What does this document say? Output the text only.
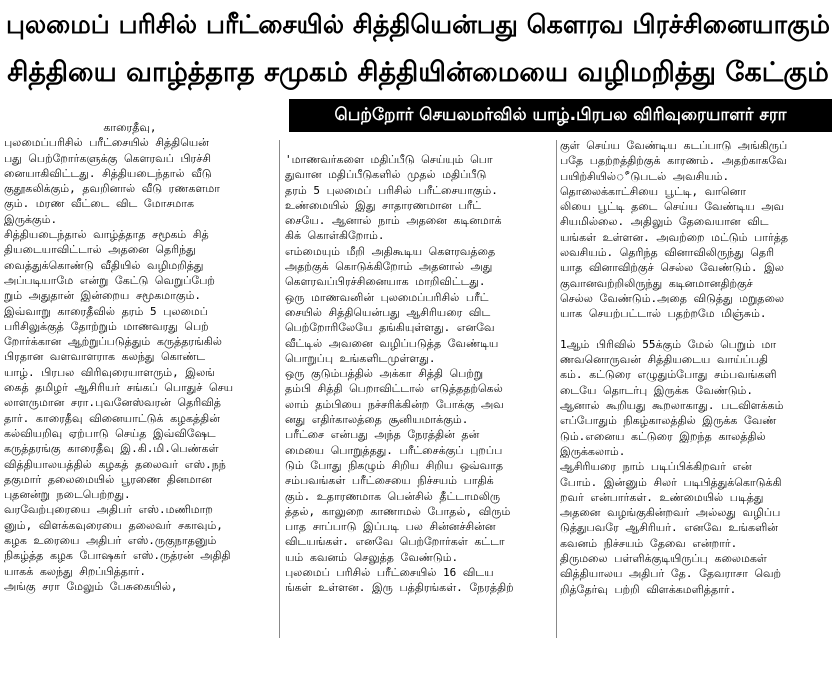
புலமைப் பரிசில் பரீட்சையில் சித்தியென்பது கௌரவ பிரச்சினையாகும்
சித்தியை வாழ்த்தாத சமுகம் சித்தியின்மையை வழிமறித்து கேட்கும்
பெற்றோர் செயலமர்வில் யாழ்.பிரபல விரிவுரையாளர் சரா
காரைதீவு,
புலமைப்பரிசில் பரீட்சையில் சித்தியென்
பது பெற்றோர்களுக்கு கௌரவப் பிரச்சி
னையாகிவிட்டது. சித்தியடைந்தால் வீடு
குதூகலிக்கும், தவறினால் வீடு ரணகளமா
கும். மரண வீட்டை விட மோசமாக
இருக்கும்.
சித்தியடைந்தால் வாழ்த்தாத சமூகம் சித்
தியடையாவிட்டால் அதனை தெரிந்து
வைத்துக்கொண்டு வீதியில் வழிமறித்து
அப்படியாமே என்று கேட்டு வெறுப்பேற்
றும் அதுதான் இன்றைய சமூகமாகும்.
இவ்வாறு காரைதீவில் தரம் 5 புலமைப்
பரிசிலுக்குத் தோற்றும் மாணவரது பெற்
றோர்க்கான ஆற்றுப்படுத்தும் கருத்தரங்கில்
பிரதான வளவாளராக கலந்து கொண்ட
யாழ். பிரபல விரிவுரையாளரும், இலங்
கைத் தமிழர் ஆசிரியர் சங்கப் பொதுச் செய
லாளருமான சரா.புவனேஸ்வரன் தெரிவித்
தார். காரைதீவு வினையாட்டுக் கழகத்தின்
கல்வியறிவு ஏற்பாடு செய்த இவ்விஷேட
கருத்தரங்கு காரைதீவு இ.கி.மி.பெண்கள்
வித்தியாலயத்தில் கழகத் தலைவர் எஸ்.நந்
தகுமார் தலைமையில் பூரணை தினமான
புதனன்று நடைபெற்றது.
வரவேற்புரையை அதிபர் எஸ்.மணிமாற
னும், விளக்கவுரையை தலைவர் சகாவும்,
கழக உரையை அதிபர் எஸ்.ருகுநாதனும்
நிகழ்த்த கழக போஷகர் எஸ்.ருத்ரன் அதிதி
யாகக் கலந்து சிறப்பித்தார்.
அங்கு சரா மேலும் பேசுகையில்,
'மாணவர்களை மதிப்பீடு செய்யும் பொ
துவான மதிப்பீடுகளில் முதல் மதிப்பீடு
தரம் 5 புலமைப் பரிசில் பரீட்சையாகும்.
உண்மையில் இது சாதாரணமான பரீட்
சையே. ஆனால் நாம் அதனை கடினமாக்
கிக் கொள்கிறோம்.
எம்மையும் மீறி அதிகூடிய கௌரவத்தை
அதற்குக் கொடுக்கிறோம் அதனால் அது
கௌரவப்பிரச்சினையாக மாறிவிட்டது.
ஒரு மாணவனின் புலமைப்பரிசில் பரீட்
சையில் சித்தியென்பது ஆசிரியரை விட
பெற்றோரிலேயே தங்கியுள்ளது. எனவே
வீட்டில் அவனை வழிப்படுத்த வேண்டிய
பொறுப்பு உங்களிடமுள்ளது.
ஒரு குடும்பத்தில் அக்கா சித்தி பெற்று
தம்பி சித்தி பெறாவிட்டால் எடுத்ததற்கெல்
லாம் தம்பியை நச்சரிக்கின்ற போக்கு அவ
னது எதிர்காலத்தை சூனியமாக்கும்.
பரீட்சை என்பது அந்த நேரத்தின் தன்
மையை பொறுத்தது. பரீட்சைக்குப் புறப்ப
டும் போது நிகழும் சிறிய சிறிய ஒவ்வாத
சம்பவங்கள் பரீட்சையை நிச்சயம் பாதிக்
கும். உதாரணமாக பென்சில் தீட்டாமலிரு
த்தல், காலுறை காணாமல் போதல், விரும்
பாத சாப்பாடு இப்படி பல சின்னச்சின்ன
விடயங்கள். எனவே பெற்றோர்கள் கட்டா
யம் கவனம் செலுத்த வேண்டும்.
புலமைப் பரிசில் பரீட்சையில் 16 விடய
ங்கள் உள்ளன. இரு பத்திரங்கள். நேரத்திற்
குள் செய்ய வேண்டிய கடப்பாடு அங்கிருப்
பதே பதற்றத்திற்குக் காரணம். அதற்காகவே
பயிற்சியில்ீடுபடல் அவசியம்.
தொலைக்காட்சியை பூட்டி, வானொ
லியை பூட்டி தடை செய்ய வேண்டிய அவ
சியமில்லை. அதிலும் தேவையான விட
யங்கள் உள்ளன. அவற்றை மட்டும் பார்த்த
லவசியம். தெரிந்த வினாவிலிருந்து தெரி
யாத வினாவிற்குச் செல்ல வேண்டும். இல
குவானவற்றிலிருந்து கடினமானதிற்குச்
செல்ல வேண்டும்.அதை விடுத்து மறுதலை
யாக செயற்பட்டால் பதற்றமே மிஞ்சும்.
1ஆம் பிரிவில் 55க்கும் மேல் பெறும் மா
ணவனொருவன் சித்தியடைய வாய்ப்பதி
கம். கட்டுரை எழுதும்போது சம்பவங்களி
டையே தொடர்பு இருக்க வேண்டும்.
ஆனால் கூறியது கூறலாகாது. படவிளக்கம்
எப்போதும் நிகழ்காலத்தில் இருக்க வேண்
டும்.எனைய கட்டுரை இறந்த காலத்தில்
இருக்கலாம்.
ஆசிரியரை நாம் படிப்பிக்கிறவர் என்
போம். இன்னும் சிலர் படிபித்துக்கொடுக்கி
றவர் என்பார்கள். உண்மையில் படித்து
அதனை வழங்குகின்றவர் அல்லது வழிப்ப
டுத்துபவரே ஆசிரியர். எனவே உங்களின்
கவனம் நிச்சயம் தேவை என்றார்.
திருமலை பள்ளிக்குடியிருப்பு கலைமகள்
வித்தியாலய அதிபர் தே. தேவராசா வெற்
றித்தேர்வு பற்றி விளக்கமளித்தார்.
